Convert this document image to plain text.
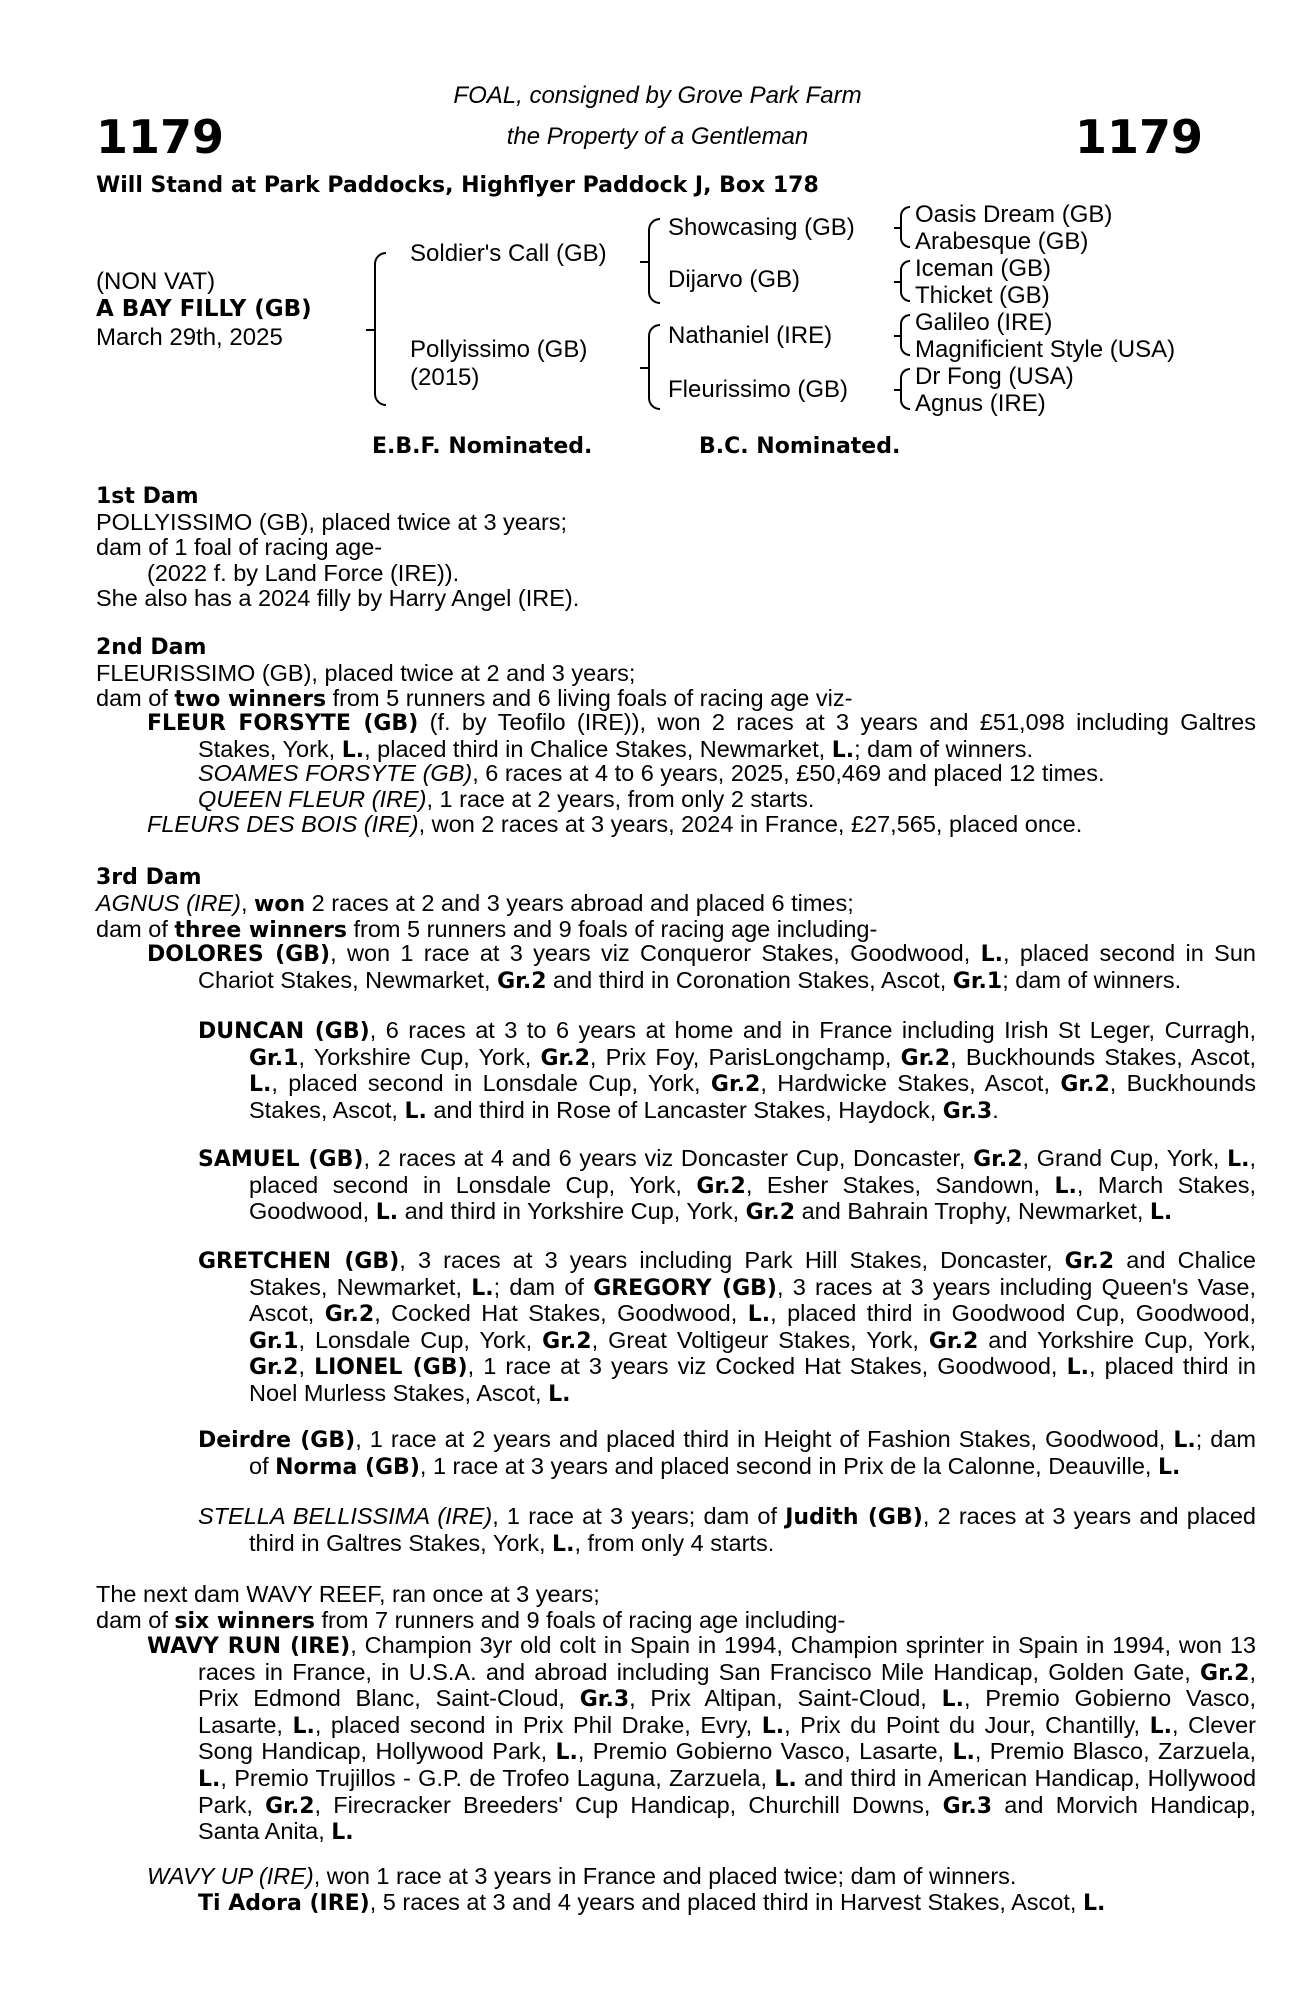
1179	1179
FOAL, consigned by Grove Park Farm
the Property of a Gentleman
Will Stand at Park Paddocks, Highflyer Paddock J, Box 178
(NON VAT)
A BAY FILLY (GB)
March 29th, 2025
Soldier's Call (GB)
Pollyissimo (GB)
(2015)
Showcasing (GB)
Dijarvo (GB)
Nathaniel (IRE)
Fleurissimo (GB)
Oasis Dream (GB)
Arabesque (GB)
Iceman (GB)
Thicket (GB)
Galileo (IRE)
Magnificient Style (USA)
Dr Fong (USA)
Agnus (IRE)
E.B.F. Nominated.	B.C. Nominated.
1st Dam
POLLYISSIMO (GB), placed twice at 3 years;
dam of 1 foal of racing age-
(2022 f. by Land Force (IRE)).
She also has a 2024 filly by Harry Angel (IRE).
2nd Dam
FLEURISSIMO (GB), placed twice at 2 and 3 years;
dam of two winners from 5 runners and 6 living foals of racing age viz-
FLEUR FORSYTE (GB) (f. by Teofilo (IRE)), won 2 races at 3 years and £51,098 including Galtres Stakes, York, L., placed third in Chalice Stakes, Newmarket, L.; dam of winners.
SOAMES FORSYTE (GB), 6 races at 4 to 6 years, 2025, £50,469 and placed 12 times.
QUEEN FLEUR (IRE), 1 race at 2 years, from only 2 starts.
FLEURS DES BOIS (IRE), won 2 races at 3 years, 2024 in France, £27,565, placed once.
3rd Dam
AGNUS (IRE), won 2 races at 2 and 3 years abroad and placed 6 times;
dam of three winners from 5 runners and 9 foals of racing age including-
DOLORES (GB), won 1 race at 3 years viz Conqueror Stakes, Goodwood, L., placed second in Sun Chariot Stakes, Newmarket, Gr.2 and third in Coronation Stakes, Ascot, Gr.1; dam of winners.
DUNCAN (GB), 6 races at 3 to 6 years at home and in France including Irish St Leger, Curragh, Gr.1, Yorkshire Cup, York, Gr.2, Prix Foy, ParisLongchamp, Gr.2, Buckhounds Stakes, Ascot, L., placed second in Lonsdale Cup, York, Gr.2, Hardwicke Stakes, Ascot, Gr.2, Buckhounds Stakes, Ascot, L. and third in Rose of Lancaster Stakes, Haydock, Gr.3.
SAMUEL (GB), 2 races at 4 and 6 years viz Doncaster Cup, Doncaster, Gr.2, Grand Cup, York, L., placed second in Lonsdale Cup, York, Gr.2, Esher Stakes, Sandown, L., March Stakes, Goodwood, L. and third in Yorkshire Cup, York, Gr.2 and Bahrain Trophy, Newmarket, L.
GRETCHEN (GB), 3 races at 3 years including Park Hill Stakes, Doncaster, Gr.2 and Chalice Stakes, Newmarket, L.; dam of GREGORY (GB), 3 races at 3 years including Queen's Vase, Ascot, Gr.2, Cocked Hat Stakes, Goodwood, L., placed third in Goodwood Cup, Goodwood, Gr.1, Lonsdale Cup, York, Gr.2, Great Voltigeur Stakes, York, Gr.2 and Yorkshire Cup, York, Gr.2, LIONEL (GB), 1 race at 3 years viz Cocked Hat Stakes, Goodwood, L., placed third in Noel Murless Stakes, Ascot, L.
Deirdre (GB), 1 race at 2 years and placed third in Height of Fashion Stakes, Goodwood, L.; dam of Norma (GB), 1 race at 3 years and placed second in Prix de la Calonne, Deauville, L.
STELLA BELLISSIMA (IRE), 1 race at 3 years; dam of Judith (GB), 2 races at 3 years and placed third in Galtres Stakes, York, L., from only 4 starts.
The next dam WAVY REEF, ran once at 3 years;
dam of six winners from 7 runners and 9 foals of racing age including-
WAVY RUN (IRE), Champion 3yr old colt in Spain in 1994, Champion sprinter in Spain in 1994, won 13 races in France, in U.S.A. and abroad including San Francisco Mile Handicap, Golden Gate, Gr.2, Prix Edmond Blanc, Saint-Cloud, Gr.3, Prix Altipan, Saint-Cloud, L., Premio Gobierno Vasco, Lasarte, L., placed second in Prix Phil Drake, Evry, L., Prix du Point du Jour, Chantilly, L., Clever Song Handicap, Hollywood Park, L., Premio Gobierno Vasco, Lasarte, L., Premio Blasco, Zarzuela, L., Premio Trujillos - G.P. de Trofeo Laguna, Zarzuela, L. and third in American Handicap, Hollywood Park, Gr.2, Firecracker Breeders' Cup Handicap, Churchill Downs, Gr.3 and Morvich Handicap, Santa Anita, L.
WAVY UP (IRE), won 1 race at 3 years in France and placed twice; dam of winners.
Ti Adora (IRE), 5 races at 3 and 4 years and placed third in Harvest Stakes, Ascot, L.
